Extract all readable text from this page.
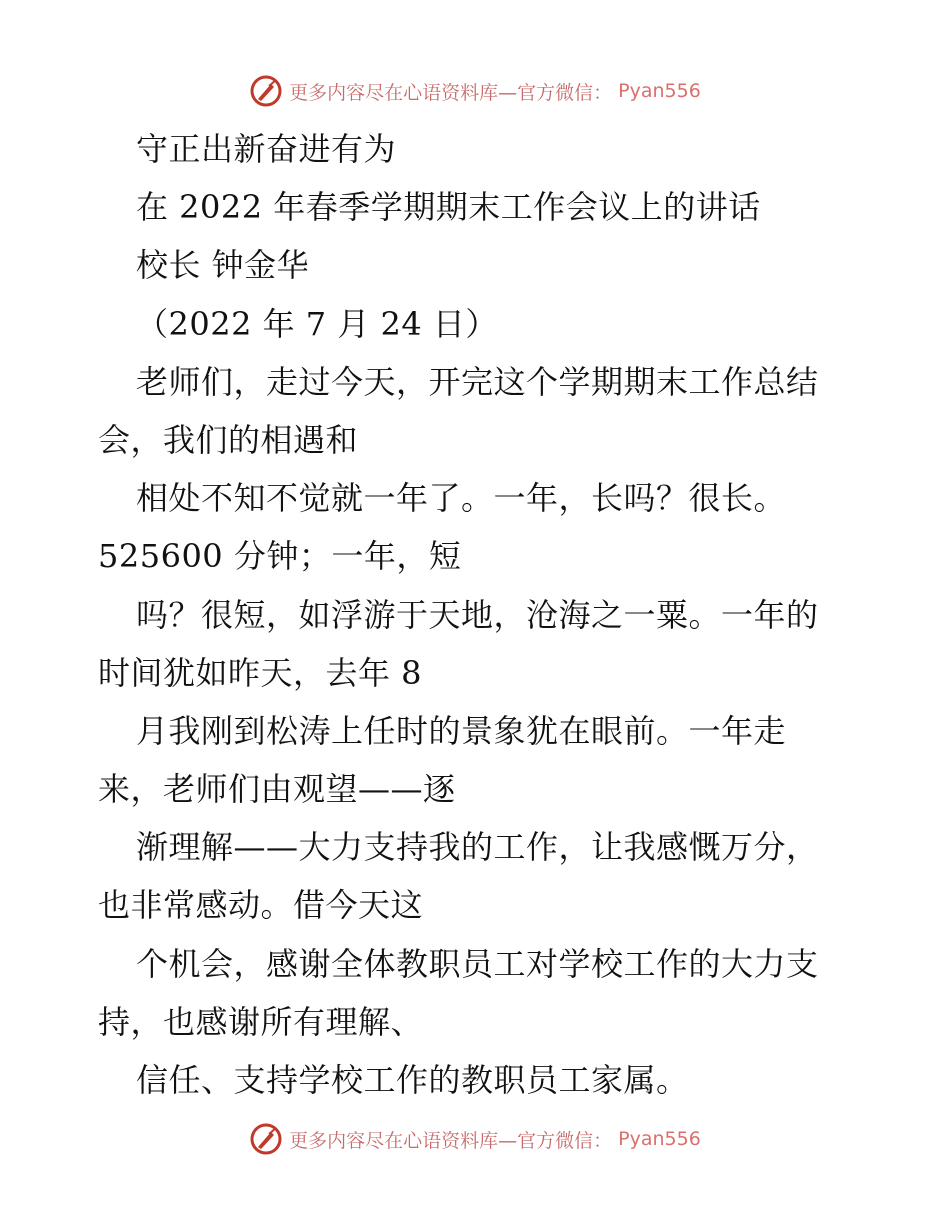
更多内容尽在心语资料库—官方微信： Pyan556
守正出新奋进有为
在 2022 年春季学期期末工作会议上的讲话
校长 钟金华
（2022 年 7 月 24 日）
老师们，走过今天，开完这个学期期末工作总结
会，我们的相遇和
相处不知不觉就一年了。一年，长吗？很长。
525600 分钟；一年，短
吗？很短，如浮游于天地，沧海之一粟。一年的
时间犹如昨天，去年 8
月我刚到松涛上任时的景象犹在眼前。一年走
来，老师们由观望——逐
渐理解——大力支持我的工作，让我感慨万分，
也非常感动。借今天这
个机会，感谢全体教职员工对学校工作的大力支
持，也感谢所有理解、
信任、支持学校工作的教职员工家属。
更多内容尽在心语资料库—官方微信： Pyan556
